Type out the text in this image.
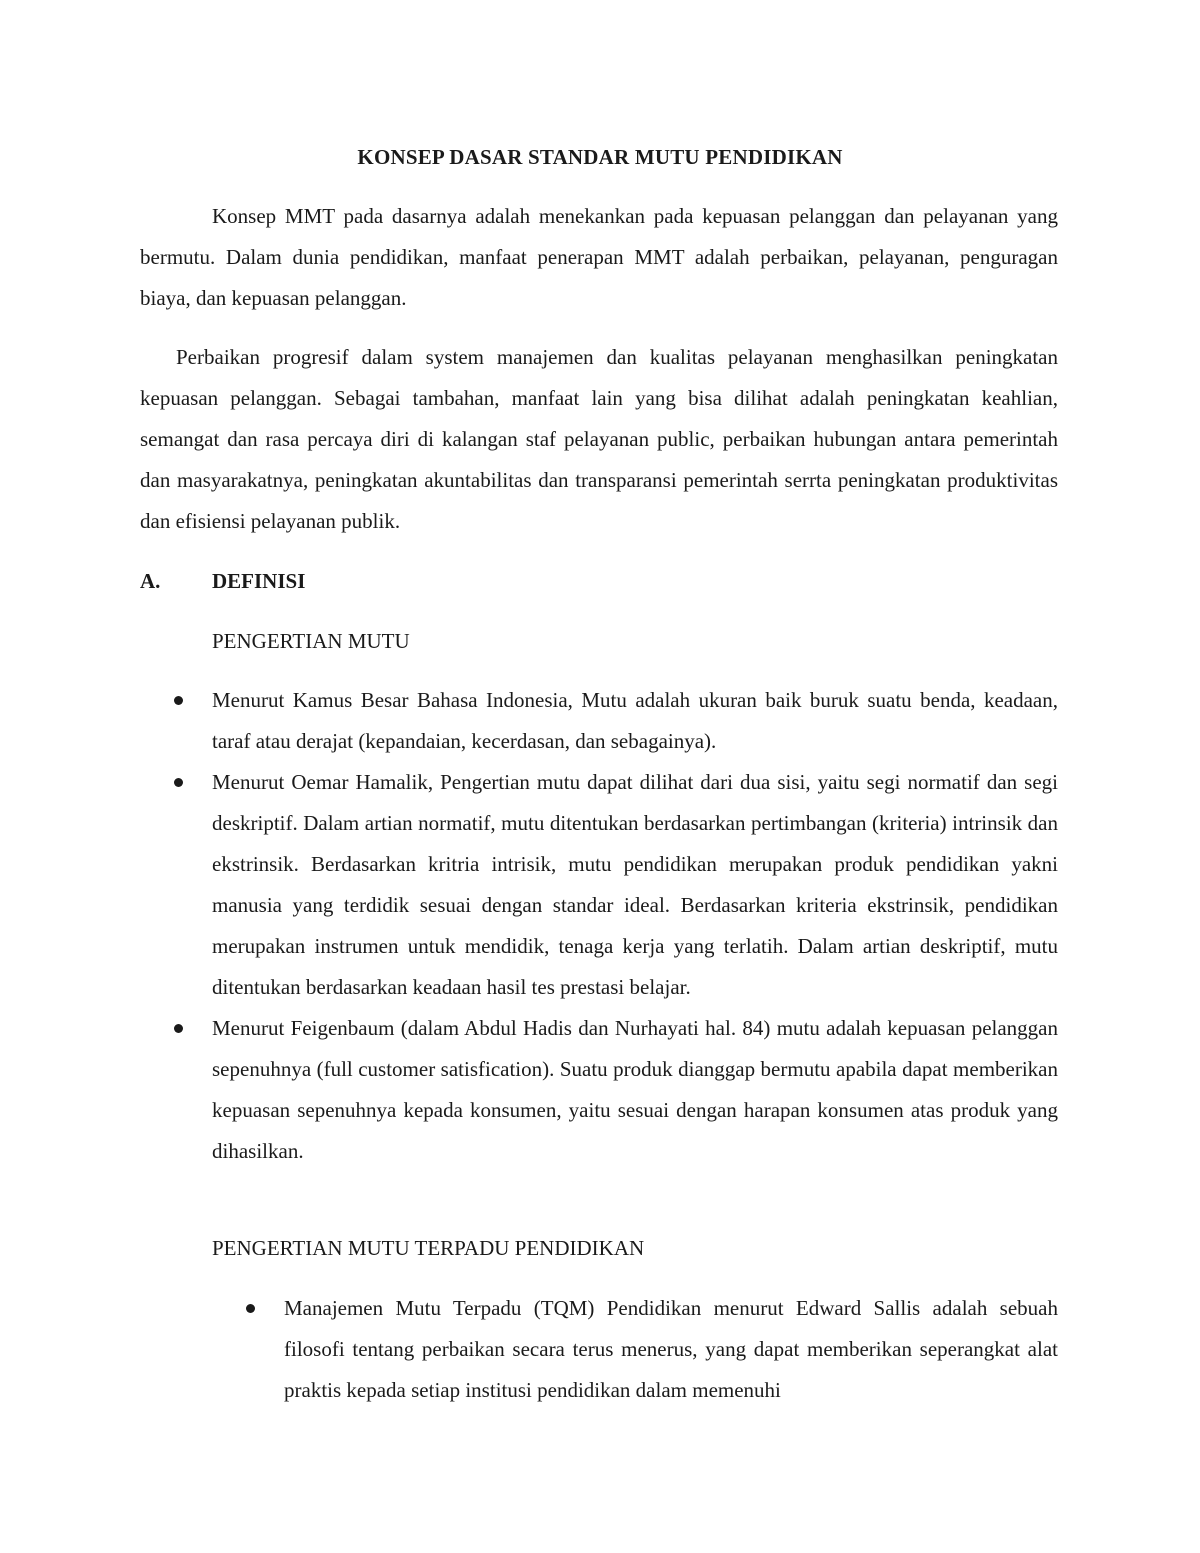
KONSEP DASAR STANDAR MUTU PENDIDIKAN

Konsep MMT pada dasarnya adalah menekankan pada kepuasan pelanggan dan pelayanan yang bermutu. Dalam dunia pendidikan, manfaat penerapan MMT adalah perbaikan, pelayanan, penguragan biaya, dan kepuasan pelanggan.

Perbaikan progresif dalam system manajemen dan kualitas pelayanan menghasilkan peningkatan kepuasan pelanggan. Sebagai tambahan, manfaat lain yang bisa dilihat adalah peningkatan keahlian, semangat dan rasa percaya diri di kalangan staf pelayanan public, perbaikan hubungan antara pemerintah dan masyarakatnya, peningkatan akuntabilitas dan transparansi pemerintah serrta peningkatan produktivitas dan efisiensi pelayanan publik.

A. DEFINISI
PENGERTIAN MUTU
Menurut Kamus Besar Bahasa Indonesia, Mutu adalah ukuran baik buruk suatu benda, keadaan, taraf atau derajat (kepandaian, kecerdasan, dan sebagainya).
Menurut Oemar Hamalik, Pengertian mutu dapat dilihat dari dua sisi, yaitu segi normatif dan segi deskriptif. Dalam artian normatif, mutu ditentukan berdasarkan pertimbangan (kriteria) intrinsik dan ekstrinsik. Berdasarkan kritria intrisik, mutu pendidikan merupakan produk pendidikan yakni manusia yang terdidik sesuai dengan standar ideal. Berdasarkan kriteria ekstrinsik, pendidikan merupakan instrumen untuk mendidik, tenaga kerja yang terlatih. Dalam artian deskriptif, mutu ditentukan berdasarkan keadaan hasil tes prestasi belajar.
Menurut Feigenbaum (dalam Abdul Hadis dan Nurhayati hal. 84) mutu adalah kepuasan pelanggan sepenuhnya (full customer satisfication). Suatu produk dianggap bermutu apabila dapat memberikan kepuasan sepenuhnya kepada konsumen, yaitu sesuai dengan harapan konsumen atas produk yang dihasilkan.
PENGERTIAN MUTU TERPADU PENDIDIKAN
Manajemen Mutu Terpadu (TQM) Pendidikan menurut Edward Sallis adalah sebuah filosofi tentang perbaikan secara terus menerus, yang dapat memberikan seperangkat alat praktis kepada setiap institusi pendidikan dalam memenuhi
